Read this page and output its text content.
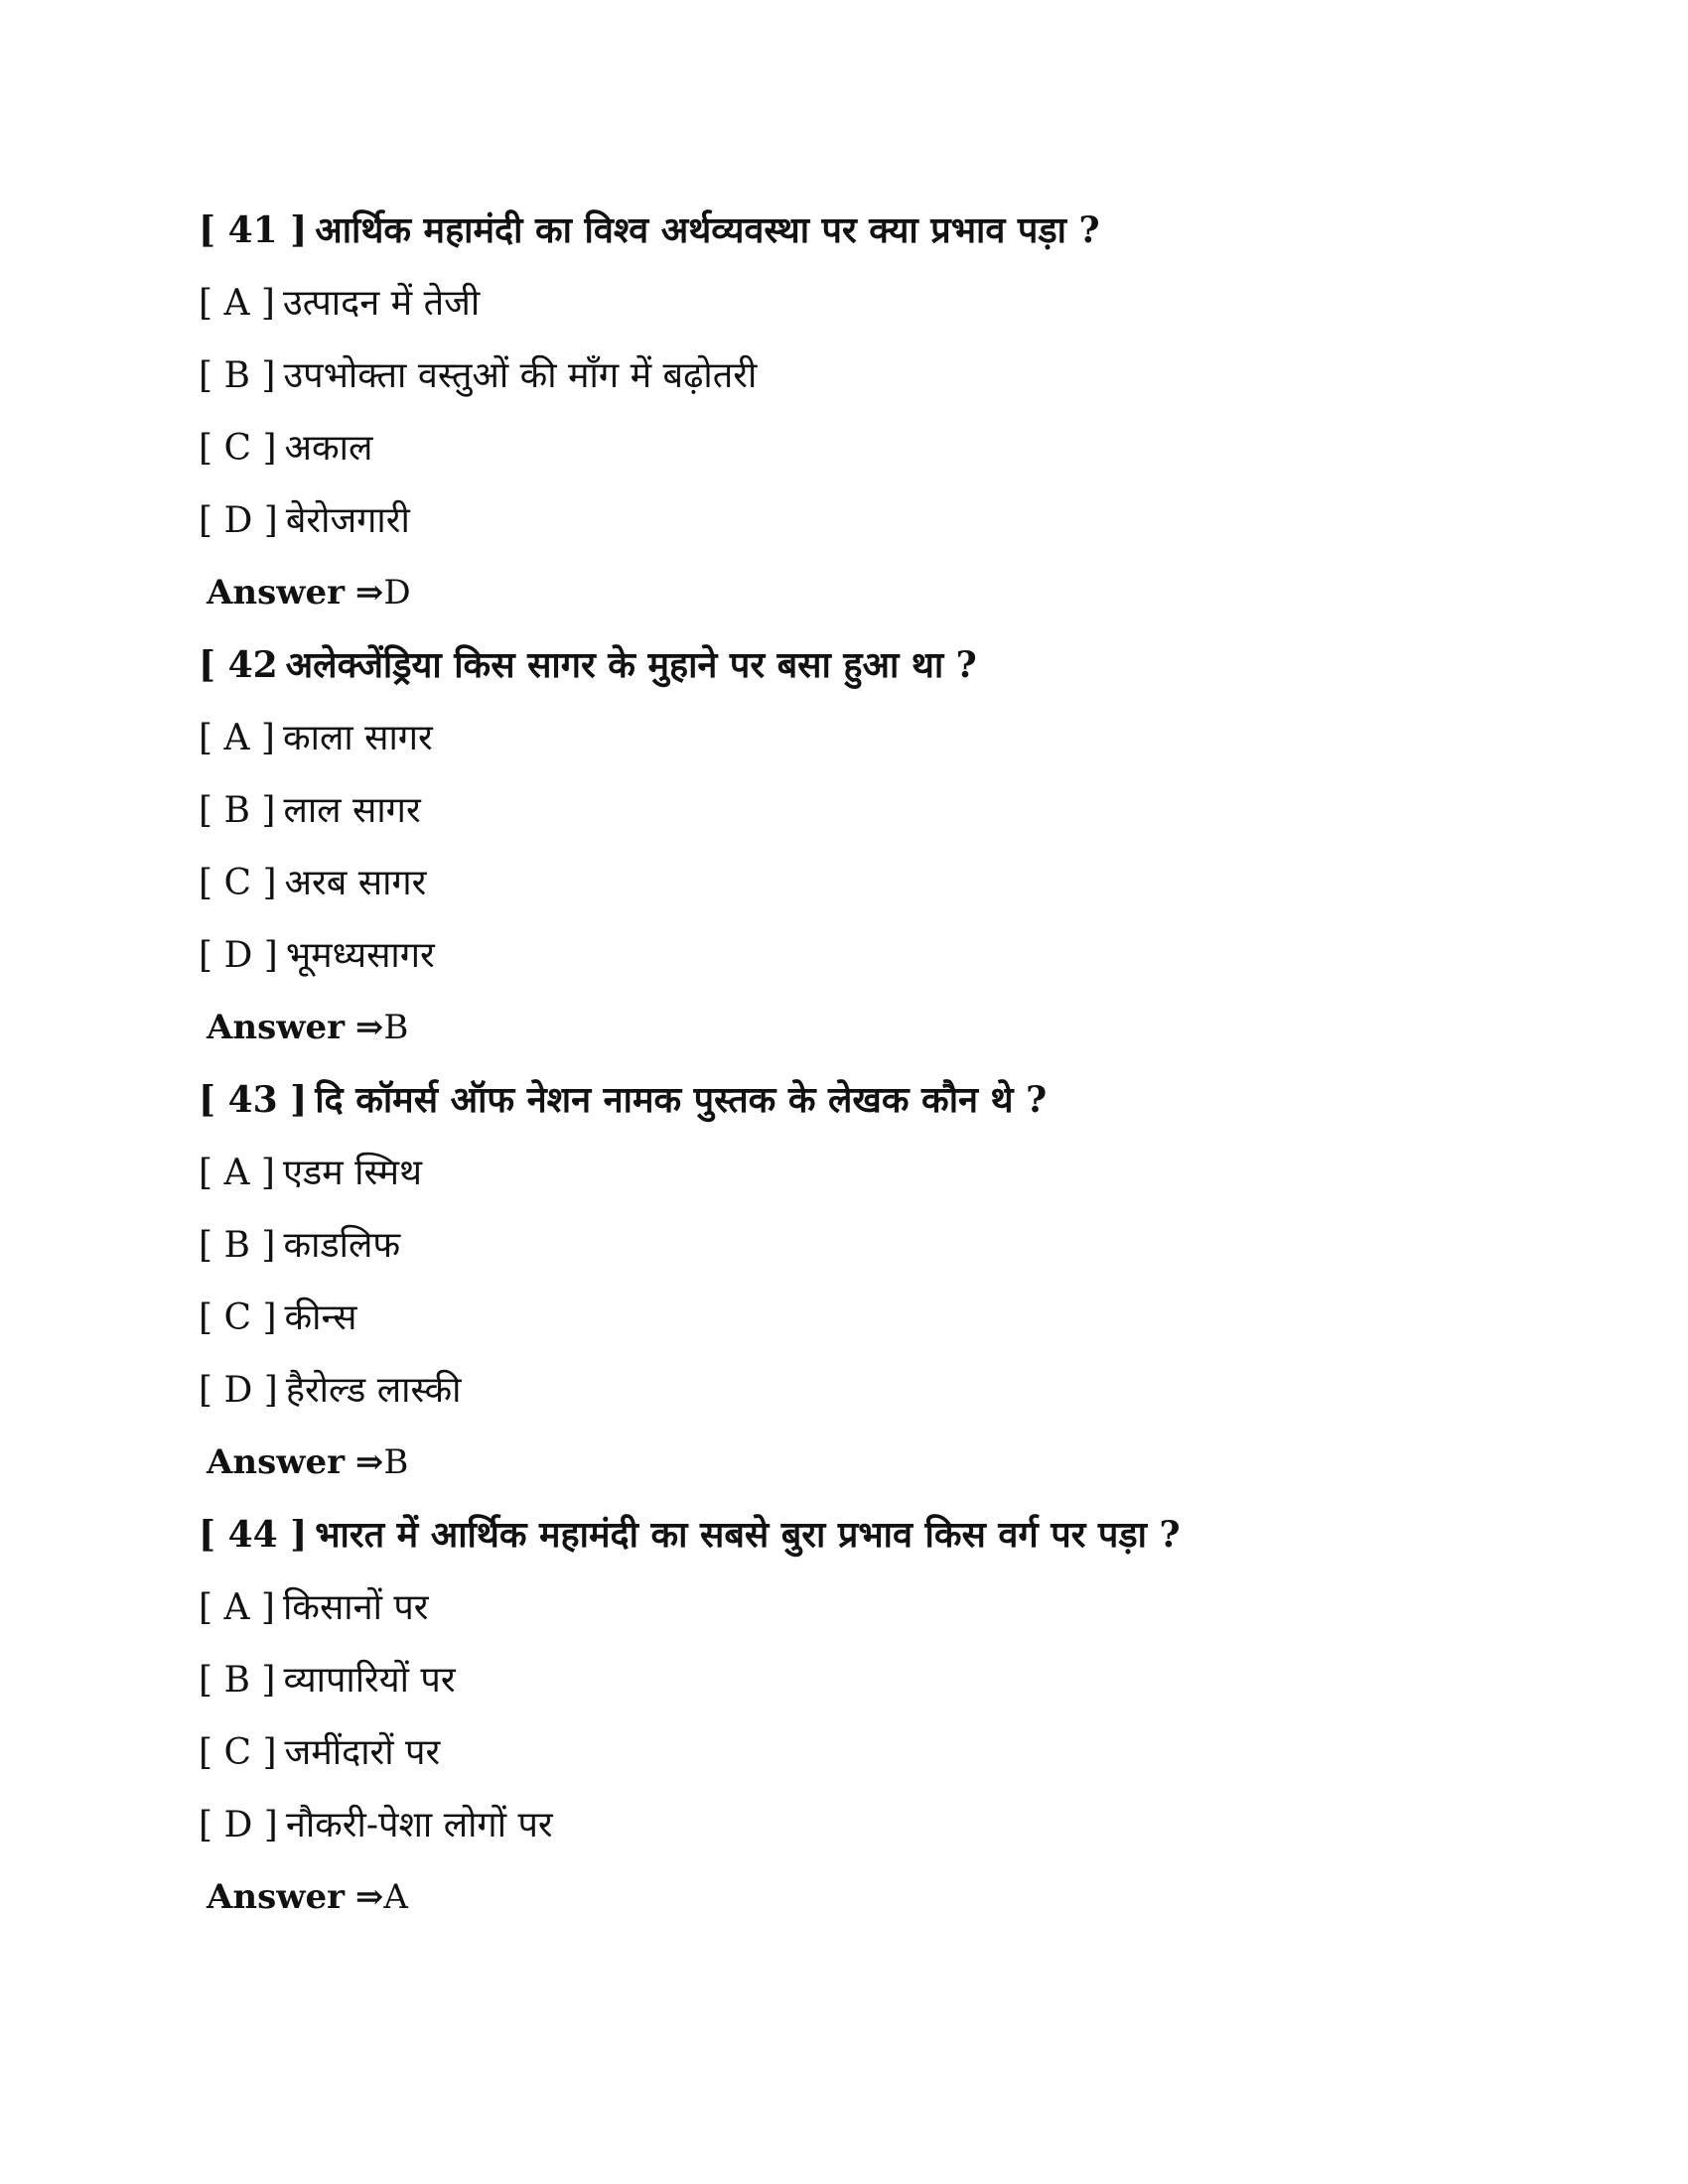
[ 41 ] आर्थिक महामंदी का विश्व अर्थव्यवस्था पर क्या प्रभाव पड़ा ?
[ A ] उत्पादन में तेजी
[ B ] उपभोक्ता वस्तुओं की माँग में बढ़ोतरी
[ C ] अकाल
[ D ] बेरोजगारी
Answer ⇒D
[ 42 अलेक्जेंड्रिया किस सागर के मुहाने पर बसा हुआ था ?
[ A ] काला सागर
[ B ] लाल सागर
[ C ] अरब सागर
[ D ] भूमध्यसागर
Answer ⇒B
[ 43 ] दि कॉमर्स ऑफ नेशन नामक पुस्तक के लेखक कौन थे ?
[ A ] एडम स्मिथ
[ B ] काडलिफ
[ C ] कीन्स
[ D ] हैरोल्ड लास्की
Answer ⇒B
[ 44 ] भारत में आर्थिक महामंदी का सबसे बुरा प्रभाव किस वर्ग पर पड़ा ?
[ A ] किसानों पर
[ B ] व्यापारियों पर
[ C ] जमींदारों पर
[ D ] नौकरी-पेशा लोगों पर
Answer ⇒A
